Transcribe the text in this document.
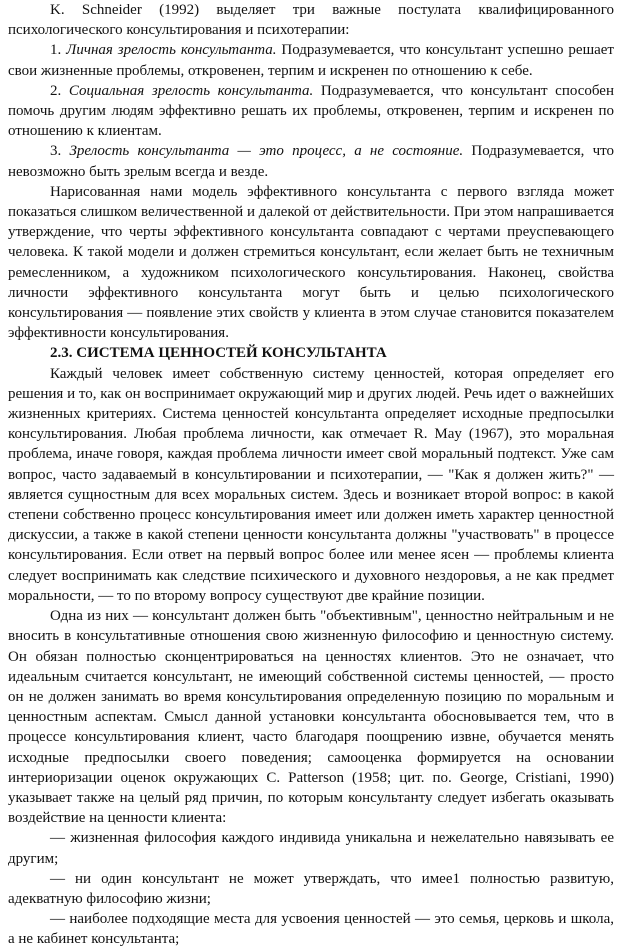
K. Schneider (1992) выделяет три важные постулата квалифицированного психологического консультирования и психотерапии:

1. Личная зрелость консультанта. Подразумевается, что консультант успешно решает свои жизненные проблемы, откровенен, терпим и искренен по отношению к себе.

2. Социальная зрелость консультанта. Подразумевается, что консультант способен помочь другим людям эффективно решать их проблемы, откровенен, терпим и искренен по отношению к клиентам.

3. Зрелость консультанта — это процесс, а не состояние. Подразумевается, что невозможно быть зрелым всегда и везде.

Нарисованная нами модель эффективного консультанта с первого взгляда может показаться слишком величественной и далекой от действительности. При этом напрашивается утверждение, что черты эффективного консультанта совпадают с чертами преуспевающего человека. К такой модели и должен стремиться консультант, если желает быть не техничным ремесленником, а художником психологического консультирования. Наконец, свойства личности эффективного консультанта могут быть и целью психологического консультирования — появление этих свойств у клиента в этом случае становится показателем эффективности консультирования.

2.3. СИСТЕМА ЦЕННОСТЕЙ КОНСУЛЬТАНТА

Каждый человек имеет собственную систему ценностей, которая определяет его решения и то, как он воспринимает окружающий мир и других людей. Речь идет о важнейших жизненных критериях. Система ценностей консультанта определяет исходные предпосылки консультирования. Любая проблема личности, как отмечает R. May (1967), это моральная проблема, иначе говоря, каждая проблема личности имеет свой моральный подтекст. Уже сам вопрос, часто задаваемый в консультировании и психотерапии, — "Как я должен жить?" — является сущностным для всех моральных систем. Здесь и возникает второй вопрос: в какой степени собственно процесс консультирования имеет или должен иметь характер ценностной дискуссии, а также в какой степени ценности консультанта должны "участвовать" в процессе консультирования. Если ответ на первый вопрос более или менее ясен — проблемы клиента следует воспринимать как следствие психического и духовного нездоровья, а не как предмет моральности, — то по второму вопросу существуют две крайние позиции.

Одна из них — консультант должен быть "объективным", ценностно нейтральным и не вносить в консультативные отношения свою жизненную философию и ценностную систему. Он обязан полностью сконцентрироваться на ценностях клиентов. Это не означает, что идеальным считается консультант, не имеющий собственной системы ценностей, — просто он не должен занимать во время консультирования определенную позицию по моральным и ценностным аспектам. Смысл данной установки консультанта обосновывается тем, что в процессе консультирования клиент, часто благодаря поощрению извне, обучается менять исходные предпосылки своего поведения; самооценка формируется на основании интериоризации оценок окружающих C. Patterson (1958; цит. по. George, Cristiani, 1990) указывает также на целый ряд причин, по которым консультанту следует избегать оказывать воздействие на ценности клиента:

— жизненная философия каждого индивида уникальна и нежелательно навязывать ее другим;

— ни один консультант не может утверждать, что имее1 полностью развитую, адекватную философию жизни;

— наиболее подходящие места для усвоения ценностей — это семья, церковь и школа, а не кабинет консультанта;
